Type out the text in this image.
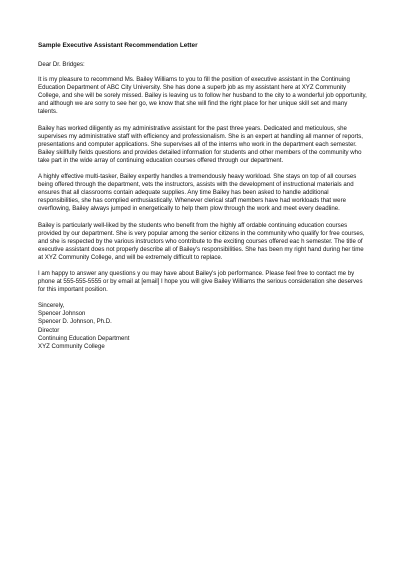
Sample Executive Assistant Recommendation Letter
Dear Dr. Bridges:
It is my pleasure to recommend Ms. Bailey Williams to you to fill the position of executive assistant in the Continuing Education Department of ABC City University. She has done a superb job as my assistant here at XYZ Community College, and she will be sorely missed. Bailey is leaving us to follow her husband to the city to a wonderful job opportunity, and although we are sorry to see her go, we know that she will find the right place for her unique skill set and many talents.
Bailey has worked diligently as my administrative assistant for the past three years. Dedicated and meticulous, she supervises my administrative staff with efficiency and professionalism. She is an expert at handling all manner of reports, presentations and computer applications. She supervises all of the interns who work in the department each semester. Bailey skillfully fields questions and provides detailed information for students and other members of the community who take part in the wide array of continuing education courses offered through our department.
A highly effective multi-tasker, Bailey expertly handles a tremendously heavy workload. She stays on top of all courses being offered through the department, vets the instructors, assists with the development of instructional materials and ensures that all classrooms contain adequate supplies. Any time Bailey has been asked to handle additional responsibilities, she has complied enthusiastically. Whenever clerical staff members have had workloads that were overflowing, Bailey always jumped in energetically to help them plow through the work and meet every deadline.
Bailey is particularly well-liked by the students who benefit from the highly aff ordable continuing education courses provided by our department. She is very popular among the senior citizens in the community who qualify for free courses, and she is respected by the various instructors who contribute to the exciting courses offered eac h semester. The title of executive assistant does not properly describe all of Bailey's responsibilities. She has been my right hand during her time at XYZ Community College, and will be extremely difficult to replace.
I am happy to answer any questions y ou may have about Bailey's job performance. Please feel free to contact me by phone at 555-555-5555 or by email at [email] I hope you will give Bailey Williams the serious consideration she deserves for this important position.
Sincerely,
Spencer Johnson
Spencer D. Johnson, Ph.D.
Director
Continuing Education Department
XYZ Community College
